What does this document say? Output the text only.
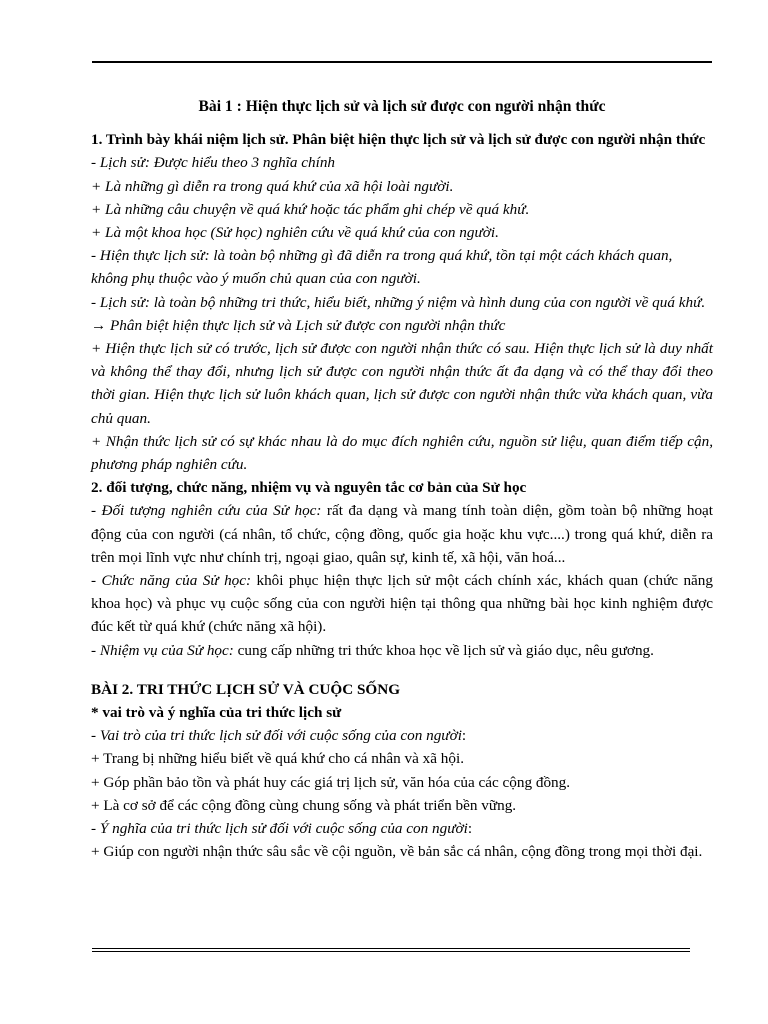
Bài 1 : Hiện thực lịch sử và lịch sử được con người nhận thức

1. Trình bày khái niệm lịch sử. Phân biệt hiện thực lịch sử và lịch sử được con người nhận thức

- Lịch sử: Được hiểu theo 3 nghĩa chính

+ Là những gì diễn ra trong quá khứ của xã hội loài người.

+ Là những câu chuyện về quá khứ hoặc tác phẩm ghi chép về quá khứ.

+ Là một khoa học (Sử học) nghiên cứu về quá khứ của con người.

- Hiện thực lịch sử: là toàn bộ những gì đã diễn ra trong quá khứ, tồn tại một cách khách quan, không phụ thuộc vào ý muốn chủ quan của con người.

- Lịch sử: là toàn bộ những tri thức, hiểu biết, những ý niệm và hình dung của con người về quá khứ.

→ Phân biệt hiện thực lịch sử và Lịch sử được con người nhận thức

+ Hiện thực lịch sử có trước, lịch sử được con người nhận thức có sau. Hiện thực lịch sử là duy nhất và không thể thay đổi, nhưng lịch sử được con người nhận thức ất đa dạng và có thể thay đổi theo thời gian. Hiện thực lịch sử luôn khách quan, lịch sử được con người nhận thức vừa khách quan, vừa chủ quan.

+ Nhận thức lịch sử có sự khác nhau là do mục đích nghiên cứu, nguồn sử liệu, quan điểm tiếp cận, phương pháp nghiên cứu.

2. đối tượng, chức năng, nhiệm vụ và nguyên tắc cơ bản của Sử học

- Đối tượng nghiên cứu của Sử học: rất đa dạng và mang tính toàn diện, gồm toàn bộ những hoạt động của con người (cá nhân, tổ chức, cộng đồng, quốc gia hoặc khu vực....) trong quá khứ, diễn ra trên mọi lĩnh vực như chính trị, ngoại giao, quân sự, kinh tế, xã hội, văn hoá...

- Chức năng của Sử học: khôi phục hiện thực lịch sử một cách chính xác, khách quan (chức năng khoa học) và phục vụ cuộc sống của con người hiện tại thông qua những bài học kinh nghiệm được đúc kết từ quá khứ (chức năng xã hội).

- Nhiệm vụ của Sử học: cung cấp những tri thức khoa học về lịch sử và giáo dục, nêu gương.

BÀI 2. TRI THỨC LỊCH SỬ VÀ CUỘC SỐNG

* vai trò và ý nghĩa của tri thức lịch sử

- Vai trò của tri thức lịch sử đối với cuộc sống của con người:

+ Trang bị những hiểu biết về quá khứ cho cá nhân và xã hội.

+ Góp phần bảo tồn và phát huy các giá trị lịch sử, văn hóa của các cộng đồng.

+ Là cơ sở để các cộng đồng cùng chung sống và phát triển bền vững.

- Ý nghĩa của tri thức lịch sử đối với cuộc sống của con người:

+ Giúp con người nhận thức sâu sắc về cội nguồn, về bản sắc cá nhân, cộng đồng trong mọi thời đại.
